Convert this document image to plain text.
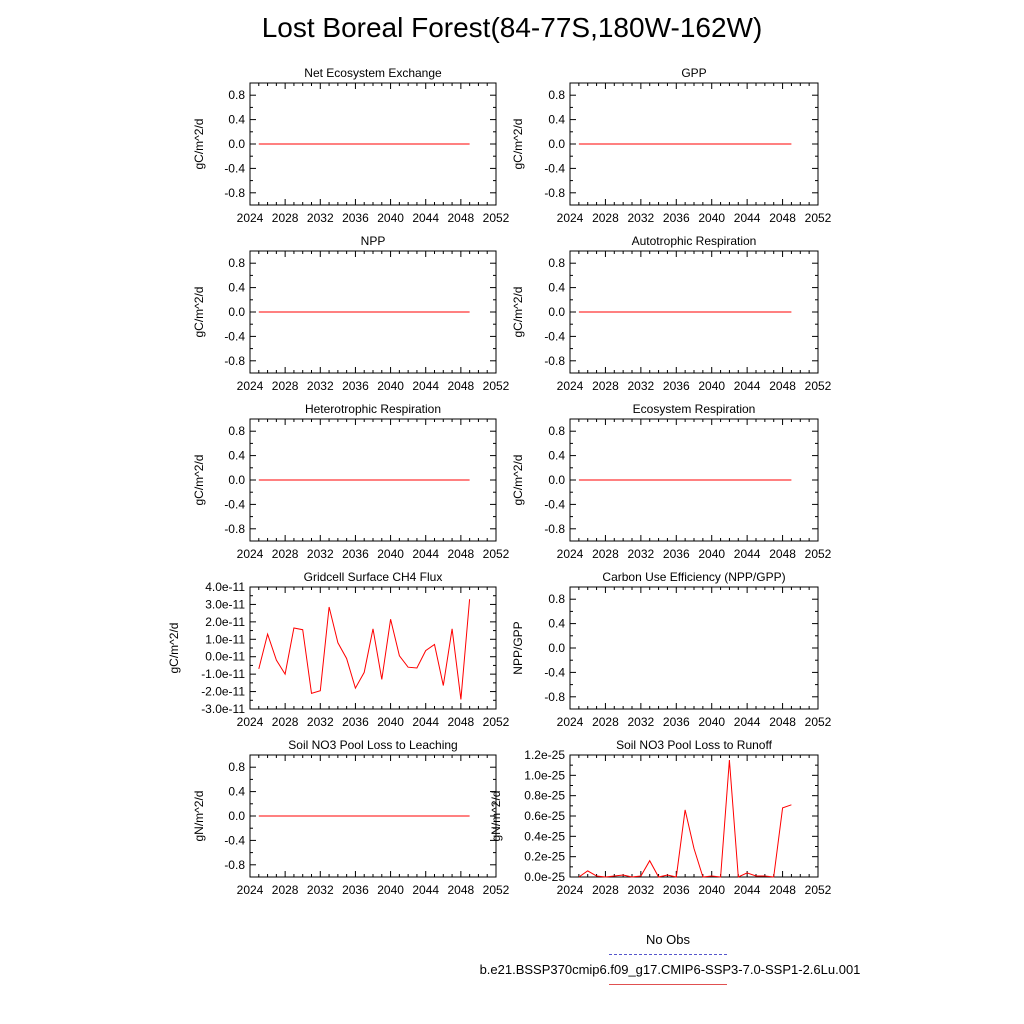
Lost Boreal Forest(84-77S,180W-162W)
Net Ecosystem Exchange
gC/m^2/d
2024 2028 2032 2036 2040 2044 2048 2052
0.8
0.4
0.0
-0.4
-0.8
GPP
gC/m^2/d
2024 2028 2032 2036 2040 2044 2048 2052
0.8
0.4
0.0
-0.4
-0.8
NPP
gC/m^2/d
2024 2028 2032 2036 2040 2044 2048 2052
0.8
0.4
0.0
-0.4
-0.8
Autotrophic Respiration
gC/m^2/d
2024 2028 2032 2036 2040 2044 2048 2052
0.8
0.4
0.0
-0.4
-0.8
Heterotrophic Respiration
gC/m^2/d
2024 2028 2032 2036 2040 2044 2048 2052
0.8
0.4
0.0
-0.4
-0.8
Ecosystem Respiration
gC/m^2/d
2024 2028 2032 2036 2040 2044 2048 2052
0.8
0.4
0.0
-0.4
-0.8
Gridcell Surface CH4 Flux
gC/m^2/d
2024 2028 2032 2036 2040 2044 2048 2052
4.0e-11
3.0e-11
2.0e-11
1.0e-11
0.0e-11
-1.0e-11
-2.0e-11
-3.0e-11
Carbon Use Efficiency (NPP/GPP)
NPP/GPP
2024 2028 2032 2036 2040 2044 2048 2052
0.8
0.4
0.0
-0.4
-0.8
Soil NO3 Pool Loss to Leaching
gN/m^2/d
2024 2028 2032 2036 2040 2044 2048 2052
0.8
0.4
0.0
-0.4
-0.8
Soil NO3 Pool Loss to Runoff
gN/m^2/d
2024 2028 2032 2036 2040 2044 2048 2052
1.2e-25
1.0e-25
0.8e-25
0.6e-25
0.4e-25
0.2e-25
0.0e-25
No Obs
b.e21.BSSP370cmip6.f09_g17.CMIP6-SSP3-7.0-SSP1-2.6Lu.001
